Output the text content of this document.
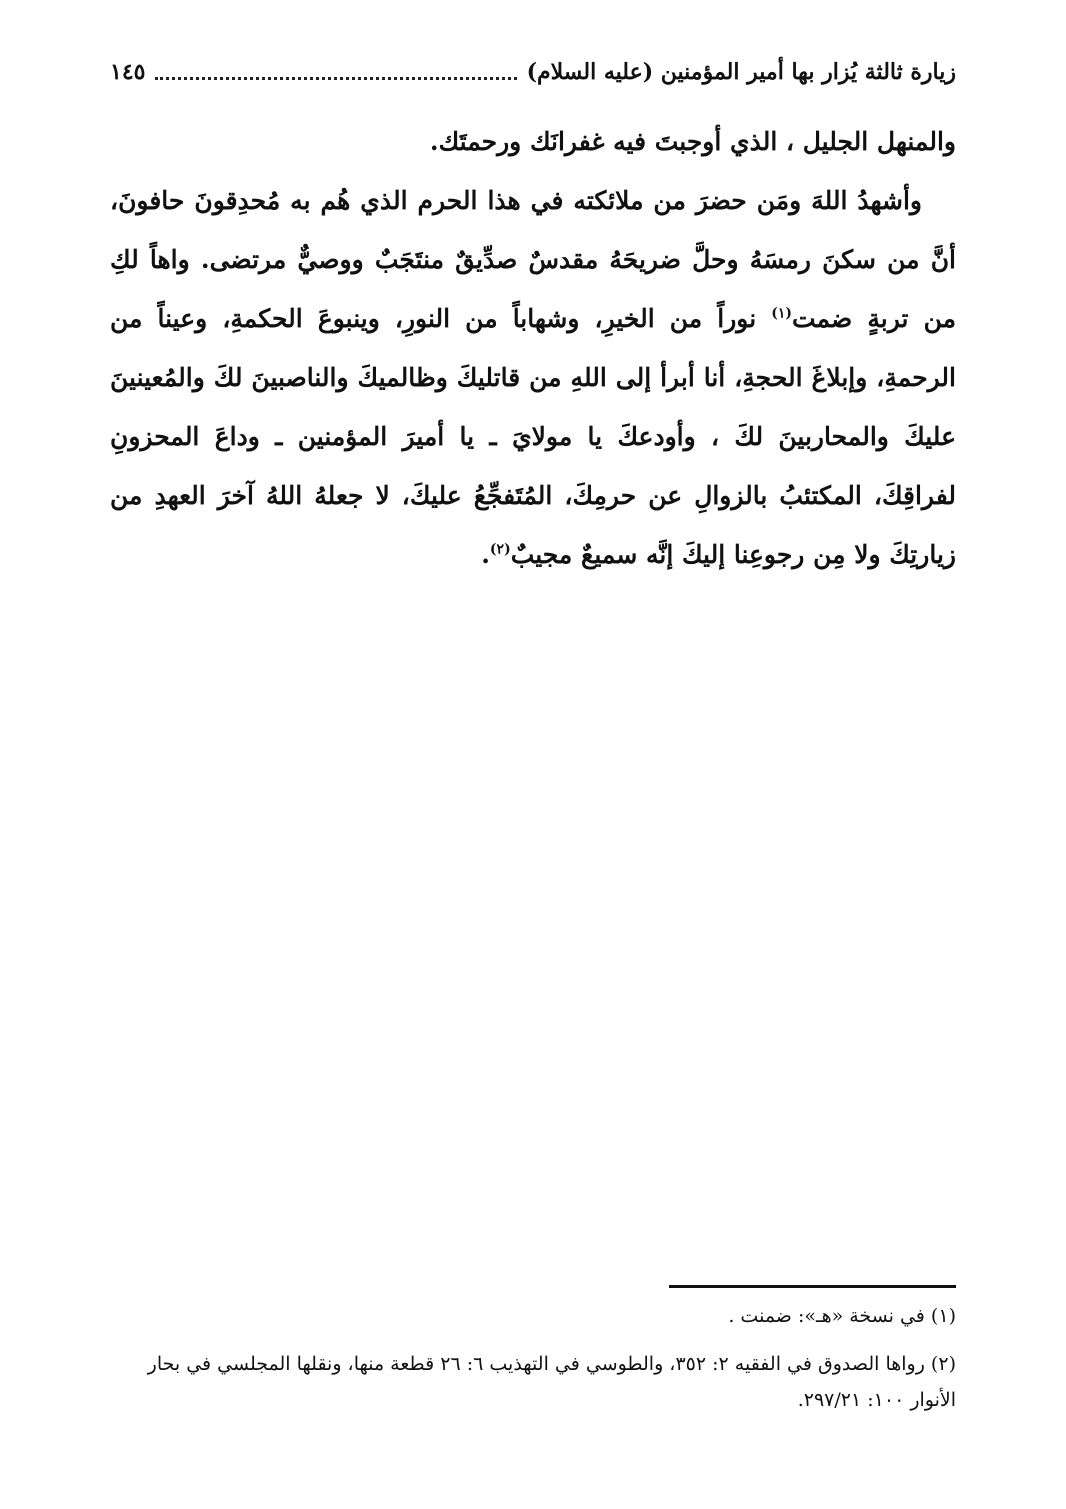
زيارة ثالثة يُزار بها أمير المؤمنين (عليه السلام)
١٤٥

والمنهل الجليل ، الذي أوجبتَ فيه غفرانَك ورحمتَك.

وأشهدُ اللهَ ومَن حضرَ من ملائكته في هذا الحرم الذي هُم به مُحدِقونَ حافونَ، أنَّ من سكنَ رمسَهُ وحلَّ ضريحَهُ مقدسٌ صدِّيقٌ منتَجَبٌ ووصيٌّ مرتضى. واهاً لكِ من تربةٍ ضمت$^{(١)}$ نوراً من الخيرِ، وشهاباً من النورِ، وينبوعَ الحكمةِ، وعيناً من الرحمةِ، وإبلاغَ الحجةِ، أنا أبرأ إلى اللهِ من قاتليكَ وظالميكَ والناصبينَ لكَ والمُعينينَ عليكَ والمحاربينَ لكَ ، وأودعكَ يا مولايَ ـ يا أميرَ المؤمنين ـ وداعَ المحزونِ لفراقِكَ، المكتئبُ بالزوالِ عن حرمِكَ، المُتَفجِّعُ عليكَ، لا جعلهُ اللهُ آخرَ العهدِ من زيارتِكَ ولا مِن رجوعِنا إليكَ إنَّه سميعٌ مجيبٌ$^{(٢)}$.

(١) في نسخة «هـ»: ضمنت .

(٢) رواها الصدوق في الفقيه ٢: ٣٥٢، والطوسي في التهذيب ٦: ٢٦ قطعة منها، ونقلها المجلسي في بحار الأنوار ١٠٠: ٢٩٧/٢١.
